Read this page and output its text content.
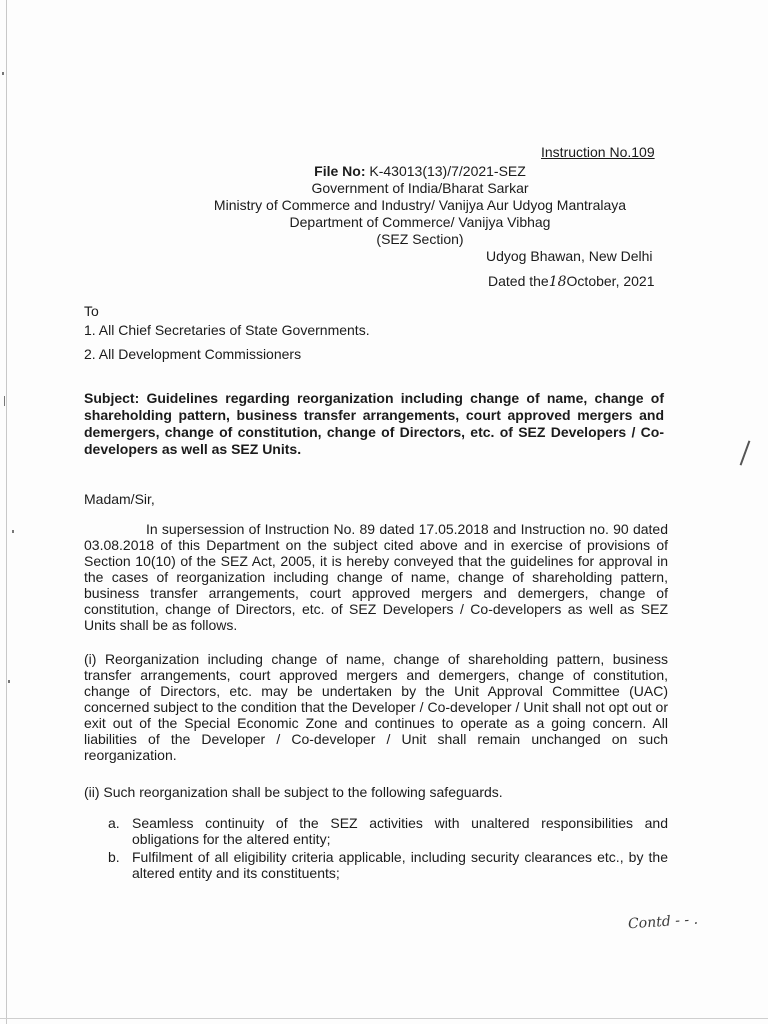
Instruction No.109
File No: K-43013(13)/7/2021-SEZ
Government of India/Bharat Sarkar
Ministry of Commerce and Industry/ Vanijya Aur Udyog Mantralaya
Department of Commerce/ Vanijya Vibhag
(SEZ Section)
Udyog Bhawan, New Delhi
Dated the18October, 2021
To
1. All Chief Secretaries of State Governments.
2. All Development Commissioners
Subject: Guidelines regarding reorganization including change of name, change of shareholding pattern, business transfer arrangements, court approved mergers and demergers, change of constitution, change of Directors, etc. of SEZ Developers / Co-developers as well as SEZ Units.
Madam/Sir,
In supersession of Instruction No. 89 dated 17.05.2018 and Instruction no. 90 dated 03.08.2018 of this Department on the subject cited above and in exercise of provisions of Section 10(10) of the SEZ Act, 2005, it is hereby conveyed that the guidelines for approval in the cases of reorganization including change of name, change of shareholding pattern, business transfer arrangements, court approved mergers and demergers, change of constitution, change of Directors, etc. of SEZ Developers / Co-developers as well as SEZ Units shall be as follows.
(i) Reorganization including change of name, change of shareholding pattern, business transfer arrangements, court approved mergers and demergers, change of constitution, change of Directors, etc. may be undertaken by the Unit Approval Committee (UAC) concerned subject to the condition that the Developer / Co-developer / Unit shall not opt out or exit out of the Special Economic Zone and continues to operate as a going concern. All liabilities of the Developer / Co-developer / Unit shall remain unchanged on such reorganization.
(ii) Such reorganization shall be subject to the following safeguards.
a. Seamless continuity of the SEZ activities with unaltered responsibilities and obligations for the altered entity;
b. Fulfilment of all eligibility criteria applicable, including security clearances etc., by the altered entity and its constituents;
Contd - - .
